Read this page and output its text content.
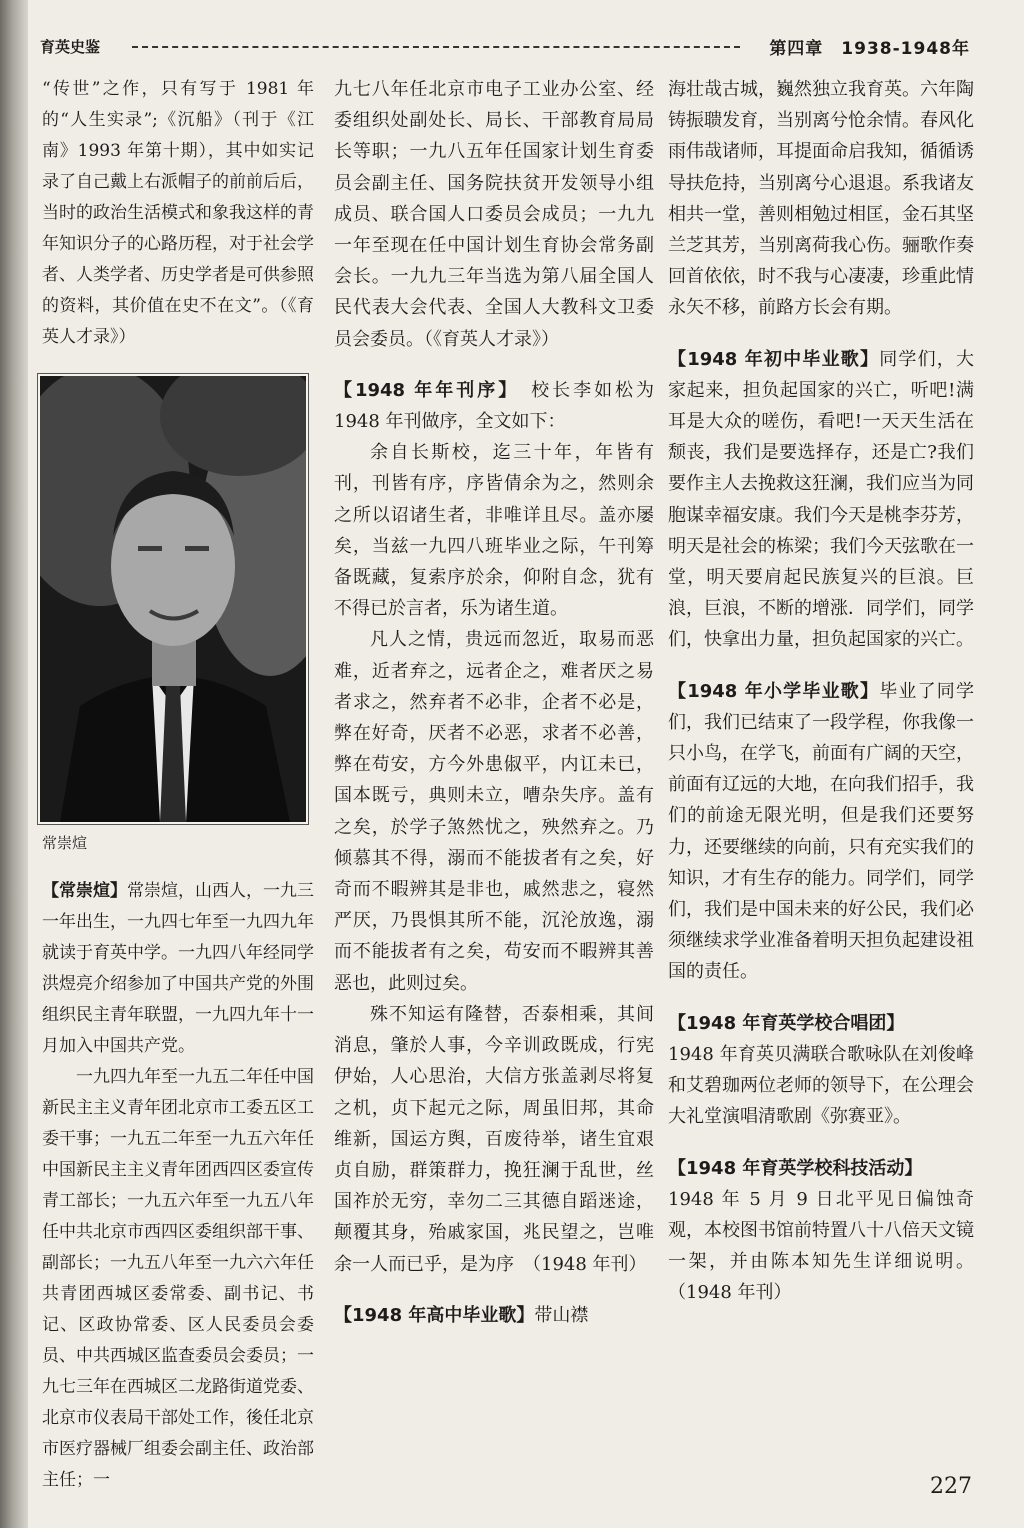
育英史鉴	第四章　1938-1948年

“传世”之作，只有写于 1981 年的“人生实录”;《沉船》（刊于《江南》1993 年第十期），其中如实记录了自己戴上右派帽子的前前后后，当时的政治生活模式和象我这样的青年知识分子的心路历程，对于社会学者、人类学者、历史学者是可供参照的资料，其价值在史不在文”。（《育英人才录》）

常崇煊

【常崇煊】常崇煊，山西人，一九三一年出生，一九四七年至一九四九年就读于育英中学。一九四八年经同学洪煜亮介绍参加了中国共产党的外围组织民主青年联盟，一九四九年十一月加入中国共产党。

一九四九年至一九五二年任中国新民主主义青年团北京市工委五区工委干事；一九五二年至一九五六年任中国新民主主义青年团西四区委宣传青工部长；一九五六年至一九五八年任中共北京市西四区委组织部干事、副部长；一九五八年至一九六六年任共青团西城区委常委、副书记、书记、区政协常委、区人民委员会委员、中共西城区监查委员会委员；一九七三年在西城区二龙路街道党委、北京市仪表局干部处工作，後任北京市医疗器械厂组委会副主任、政治部主任；一

九七八年任北京市电子工业办公室、经委组织处副处长、局长、干部教育局局长等职；一九八五年任国家计划生育委员会副主任、国务院扶贫开发领导小组成员、联合国人口委员会成员；一九九一年至现在任中国计划生育协会常务副会长。一九九三年当选为第八届全国人民代表大会代表、全国人大教科文卫委员会委员。（《育英人才录》）

【1948 年年刊序】　 校长李如松为 1948 年刊做序，全文如下：

余自长斯校，迄三十年，年皆有刊，刊皆有序，序皆倩余为之，然则余之所以诏诸生者，非唯详且尽。盖亦屡矣，当兹一九四八班毕业之际，午刊筹备既藏，复索序於余，仰附自念，犹有不得已於言者，乐为诸生道。

凡人之情，贵远而忽近，取易而恶难，近者弃之，远者企之，难者厌之易者求之，然弃者不必非，企者不必是，弊在好奇，厌者不必恶，求者不必善，弊在苟安，方今外患俶平，内讧未已，国本既亏，典则未立，嘈杂失序。盖有之矣，於学子煞然忧之，殃然弃之。乃倾慕其不得，溺而不能拔者有之矣，好奇而不暇辨其是非也，戚然悲之，寝然严厌，乃畏惧其所不能，沉沦放逸，溺而不能拔者有之矣，苟安而不暇辨其善恶也，此则过矣。

殊不知运有隆替，否泰相乘，其间消息，肇於人事，今辛训政既成，行宪伊始，人心思治，大信方张盖剥尽将复之机，贞下起元之际，周虽旧邦，其命维新，国运方舆，百废待举，诸生宜艰贞自励，群策群力，挽狂澜于乱世，丝国祚於无穷，幸勿二三其德自蹈迷途，颠覆其身，殆戚家国，兆民望之，岂唯余一人而已乎，是为序　（1948 年刊）

【1948 年高中毕业歌】带山襟

海壮哉古城，巍然独立我育英。六年陶铸振聩发育，当别离兮怆余情。春风化雨伟哉诸师，耳提面命启我知，循循诱导扶危持，当别离兮心退退。系我诸友相共一堂，善则相勉过相匡，金石其坚兰芝其芳，当别离荷我心伤。骊歌作奏回首依依，时不我与心凄凄，珍重此情永矢不移，前路方长会有期。

【1948 年初中毕业歌】同学们，大家起来，担负起国家的兴亡，听吧!满耳是大众的嗟伤，看吧!一天天生活在颓丧，我们是要选择存，还是亡?我们要作主人去挽救这狂澜，我们应当为同胞谋幸福安康。我们今天是桃李芬芳，明天是社会的栋梁；我们今天弦歌在一堂，明天要肩起民族复兴的巨浪。巨浪，巨浪，不断的增涨．同学们，同学们，快拿出力量，担负起国家的兴亡。

【1948 年小学毕业歌】毕业了同学们，我们已结束了一段学程，你我像一只小鸟，在学飞，前面有广阔的天空，前面有辽远的大地，在向我们招手，我们的前途无限光明，但是我们还要努力，还要继续的向前，只有充实我们的知识，才有生存的能力。同学们，同学们，我们是中国未来的好公民，我们必须继续求学业准备着明天担负起建设祖国的责任。

【1948 年育英学校合唱团】

1948 年育英贝满联合歌咏队在刘俊峰和艾碧珈两位老师的领导下，在公理会大礼堂演唱清歌剧《弥赛亚》。

【1948 年育英学校科技活动】

1948 年 5 月 9 日北平见日偏蚀奇观，本校图书馆前特置八十八倍天文镜一架，并由陈本知先生详细说明。（1948 年刊）

227
